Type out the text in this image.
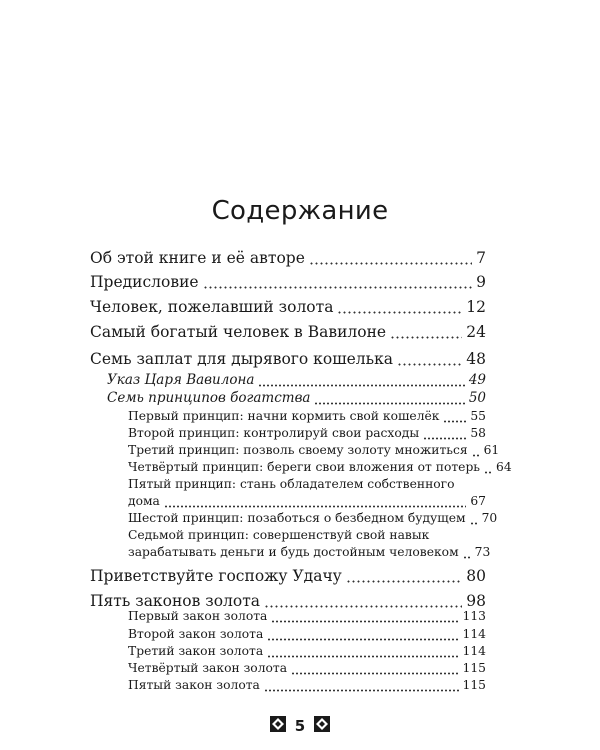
Содержание
Об этой книге и её авторе	7
Предисловие	9
Человек, пожелавший золота	12
Самый богатый человек в Вавилоне	24
Семь заплат для дырявого кошелька	48
Указ Царя Вавилона	49
Семь принципов богатства	50
Первый принцип: начни кормить свой кошелёк	55
Второй принцип: контролируй свои расходы	58
Третий принцип: позволь своему золоту множиться 61
Четвёртый принцип: береги свои вложения от потерь 64
Пятый принцип: стань обладателем собственного
дома	67
Шестой принцип: позаботься о безбедном будущем 70
Седьмой принцип: совершенствуй свой навык
зарабатывать деньги и будь достойным человеком 73
Приветствуйте госпожу Удачу	80
Пять законов золота	98
Первый закон золота	113
Второй закон золота	114
Третий закон золота	114
Четвёртый закон золота	115
Пятый закон золота	115
5
